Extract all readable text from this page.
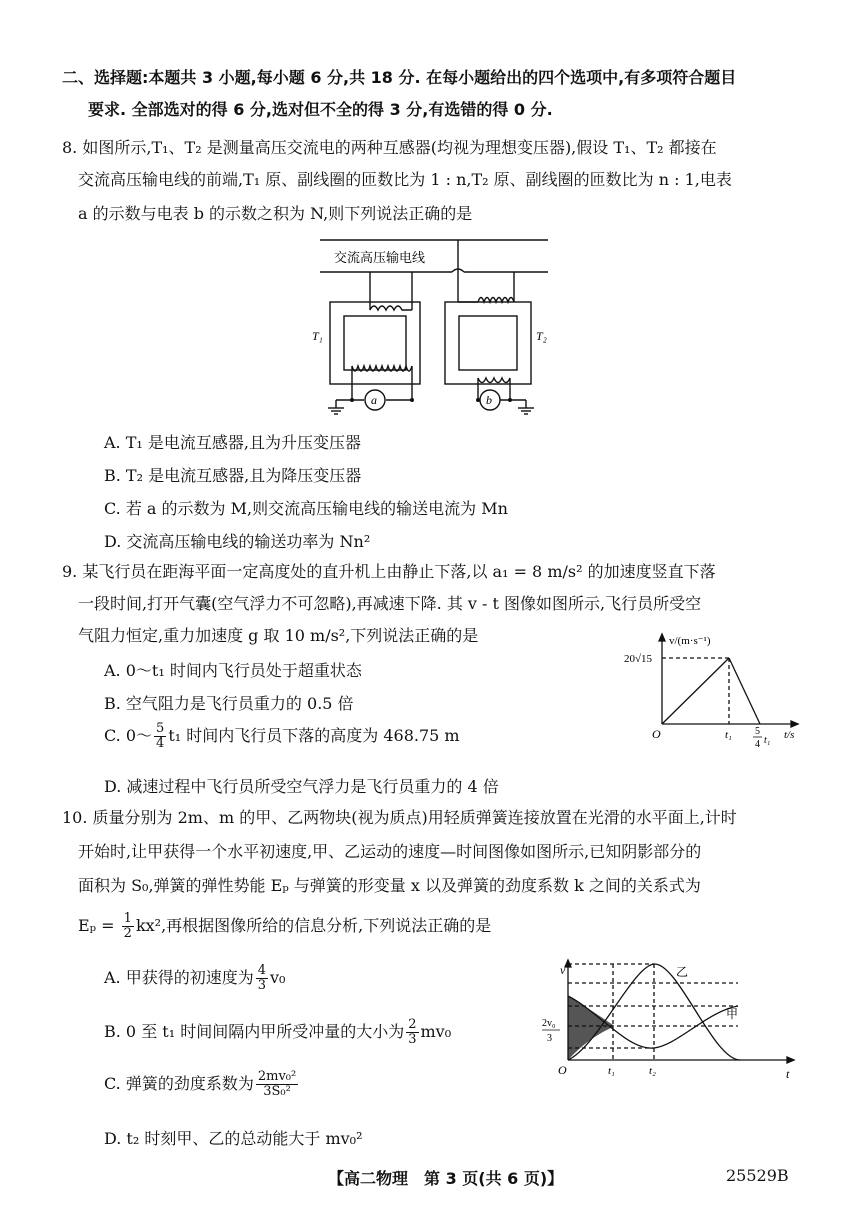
二、选择题:本题共 3 小题,每小题 6 分,共 18 分. 在每小题给出的四个选项中,有多项符合题目
要求. 全部选对的得 6 分,选对但不全的得 3 分,有选错的得 0 分.
8. 如图所示,T₁、T₂ 是测量高压交流电的两种互感器(均视为理想变压器),假设 T₁、T₂ 都接在
交流高压输电线的前端,T₁ 原、副线圈的匝数比为 1 : n,T₂ 原、副线圈的匝数比为 n : 1,电表
a 的示数与电表 b 的示数之积为 N,则下列说法正确的是
交流高压输电线
T₁	T₂
a	b
A. T₁ 是电流互感器,且为升压变压器
B. T₂ 是电流互感器,且为降压变压器
C. 若 a 的示数为 M,则交流高压输电线的输送电流为 Mn
D. 交流高压输电线的输送功率为 Nn²
9. 某飞行员在距海平面一定高度处的直升机上由静止下落,以 a₁ = 8 m/s² 的加速度竖直下落
一段时间,打开气囊(空气浮力不可忽略),再减速下降. 其 v - t 图像如图所示,飞行员所受空
气阻力恒定,重力加速度 g 取 10 m/s²,下列说法正确的是
A. 0～t₁ 时间内飞行员处于超重状态
B. 空气阻力是飞行员重力的 0.5 倍
C. 0～ $\frac{5}{4} t_1$ 时间内飞行员下落的高度为 468.75 m
D. 减速过程中飞行员所受空气浮力是飞行员重力的 4 倍
v/(m·s⁻¹)
20√15
O	t₁ 5
4 t₁ t/s
10. 质量分别为 2m、m 的甲、乙两物块(视为质点)用轻质弹簧连接放置在光滑的水平面上,计时
开始时,让甲获得一个水平初速度,甲、乙运动的速度—时间图像如图所示,已知阴影部分的
面积为 S₀,弹簧的弹性势能 Eₚ 与弹簧的形变量 x 以及弹簧的劲度系数 k 之间的关系式为
$E_p = \frac{1}{2} kx^2$,再根据图像所给的信息分析,下列说法正确的是
A. 甲获得的初速度为 $\frac{4}{3} v_0$
B. 0 至 t₁ 时间间隔内甲所受冲量的大小为 $\frac{2}{3} mv_0$
C. 弹簧的劲度系数为 $\frac{\text{2mv₀²}}{\text{3S₀²}}$
D. t₂ 时刻甲、乙的总动能大于 mv₀²
v
t
O
乙
甲
2v₀
3
t₁	t₂
【高二物理　第 3 页(共 6 页)】	25529B
